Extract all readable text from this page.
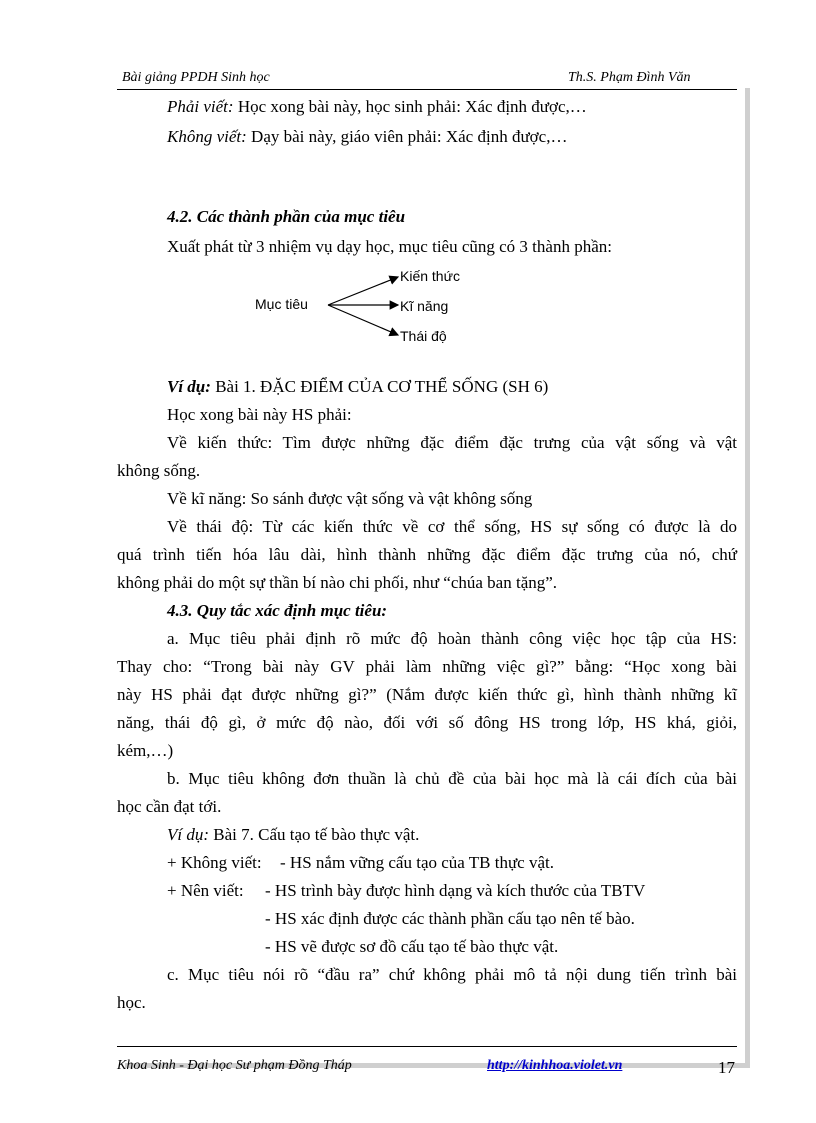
Bài giảng PPDH Sinh học	Th.S. Phạm Đình Văn
Phải viết: Học xong bài này, học sinh phải: Xác định được,…
Không viết: Dạy bài này, giáo viên phải: Xác định được,…
4.2. Các thành phần của mục tiêu
Xuất phát từ 3 nhiệm vụ dạy học, mục tiêu cũng có 3 thành phần:
Mục tiêu
Kiến thức
Kĩ năng
Thái độ
Ví dụ: Bài 1. ĐẶC ĐIỂM CỦA CƠ THỂ SỐNG (SH 6)
Học xong bài này HS phải:
Về kiến thức: Tìm được những đặc điểm đặc trưng của vật sống và vật
không sống.
Về kĩ năng: So sánh được vật sống và vật không sống
Về thái độ: Từ các kiến thức về cơ thể sống, HS sự sống có được là do
quá trình tiến hóa lâu dài, hình thành những đặc điểm đặc trưng của nó, chứ
không phải do một sự thần bí nào chi phối, như “chúa ban tặng”.
4.3. Quy tắc xác định mục tiêu:
a. Mục tiêu phải định rõ mức độ hoàn thành công việc học tập của HS:
Thay cho: “Trong bài này GV phải làm những việc gì?” bằng: “Học xong bài
này HS phải đạt được những gì?” (Nắm được kiến thức gì, hình thành những kĩ
năng, thái độ gì, ở mức độ nào, đối với số đông HS trong lớp, HS khá, giỏi,
kém,…)
b. Mục tiêu không đơn thuần là chủ đề của bài học mà là cái đích của bài
học cần đạt tới.
Ví dụ: Bài 7. Cấu tạo tế bào thực vật.
+ Không viết: - HS nắm vững cấu tạo của TB thực vật.
+ Nên viết: - HS trình bày được hình dạng và kích thước của TBTV
- HS xác định được các thành phần cấu tạo nên tế bào.
- HS vẽ được sơ đồ cấu tạo tế bào thực vật.
c. Mục tiêu nói rõ “đầu ra” chứ không phải mô tả nội dung tiến trình bài
học.
Khoa Sinh - Đại học Sư phạm Đồng Tháp	http://kinhhoa.violet.vn	17
